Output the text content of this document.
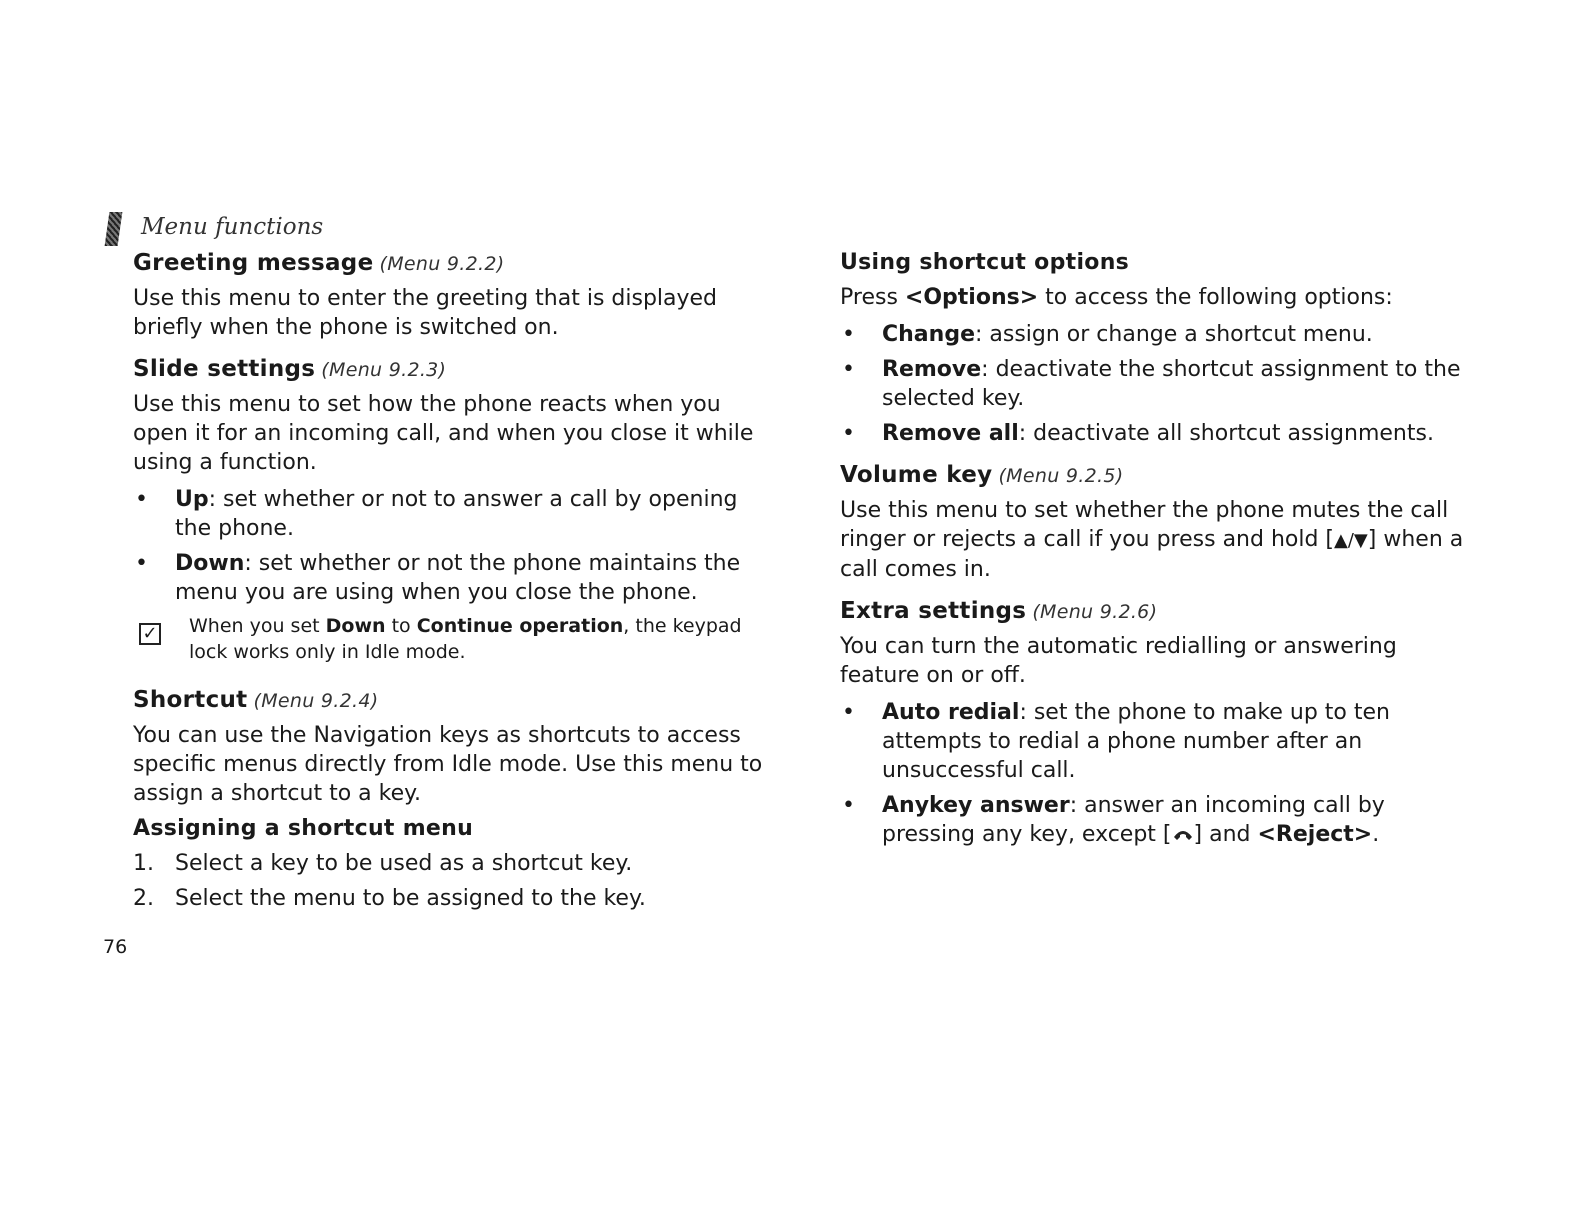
Menu functions
Greeting message (Menu 9.2.2)

Use this menu to enter the greeting that is displayed briefly when the phone is switched on.

Slide settings (Menu 9.2.3)

Use this menu to set how the phone reacts when you open it for an incoming call, and when you close it while using a function.

• Up: set whether or not to answer a call by opening the phone.
• Down: set whether or not the phone maintains the menu you are using when you close the phone.
✓ When you set Down to Continue operation, the keypad lock works only in Idle mode.
Shortcut (Menu 9.2.4)

You can use the Navigation keys as shortcuts to access specific menus directly from Idle mode. Use this menu to assign a shortcut to a key.

Assigning a shortcut menu
1. Select a key to be used as a shortcut key.
2. Select the menu to be assigned to the key.
Using shortcut options

Press <Options> to access the following options:

• Change: assign or change a shortcut menu.
• Remove: deactivate the shortcut assignment to the selected key.
• Remove all: deactivate all shortcut assignments.
Volume key (Menu 9.2.5)

Use this menu to set whether the phone mutes the call ringer or rejects a call if you press and hold [▲/▼] when a call comes in.

Extra settings (Menu 9.2.6)

You can turn the automatic redialling or answering feature on or off.

• Auto redial: set the phone to make up to ten attempts to redial a phone number after an unsuccessful call.
• Anykey answer: answer an incoming call by pressing any key, except [ ] and <Reject>.
76
